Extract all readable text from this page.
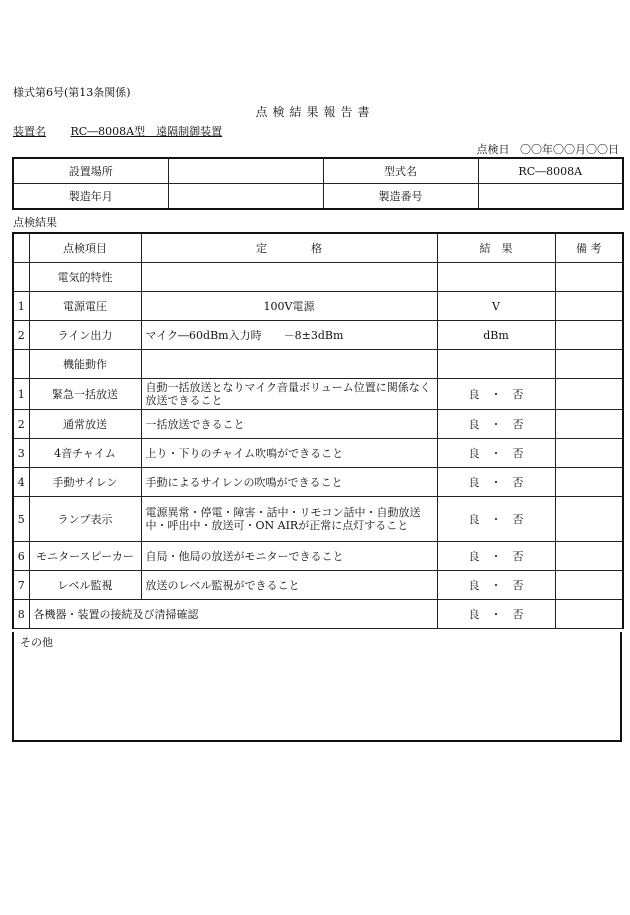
様式第6号(第13条関係)
点検結果報告書
装置名 RC―8008A型　遠隔制御装置
点検日 〇〇年〇〇月〇〇日
設置場所		型式名	RC―8008A
製造年月		製造番号	
点検結果
	点検項目	定　　　　格	結　果	備 考
	電気的特性			
1	電源電圧	100V電源	V	
2	ライン出力	マイク―60dBm入力時　　－8±3dBm	dBm	
	機能動作			
1	緊急一括放送	自動一括放送となりマイク音量ボリューム位置に関係なく放送できること	良　・　否	
2	通常放送	一括放送できること	良　・　否	
3	4音チャイム	上り・下りのチャイム吹鳴ができること	良　・　否	
4	手動サイレン	手動によるサイレンの吹鳴ができること	良　・　否	
5	ランプ表示	電源異常・停電・障害・話中・リモコン話中・自動放送中・呼出中・放送可・ON AIRが正常に点灯すること	良　・　否	
6	モニタースピーカー	自局・他局の放送がモニターできること	良　・　否	
7	レベル監視	放送のレベル監視ができること	良　・　否	
8	各機器・装置の接続及び清掃確認		良　・　否	
その他
